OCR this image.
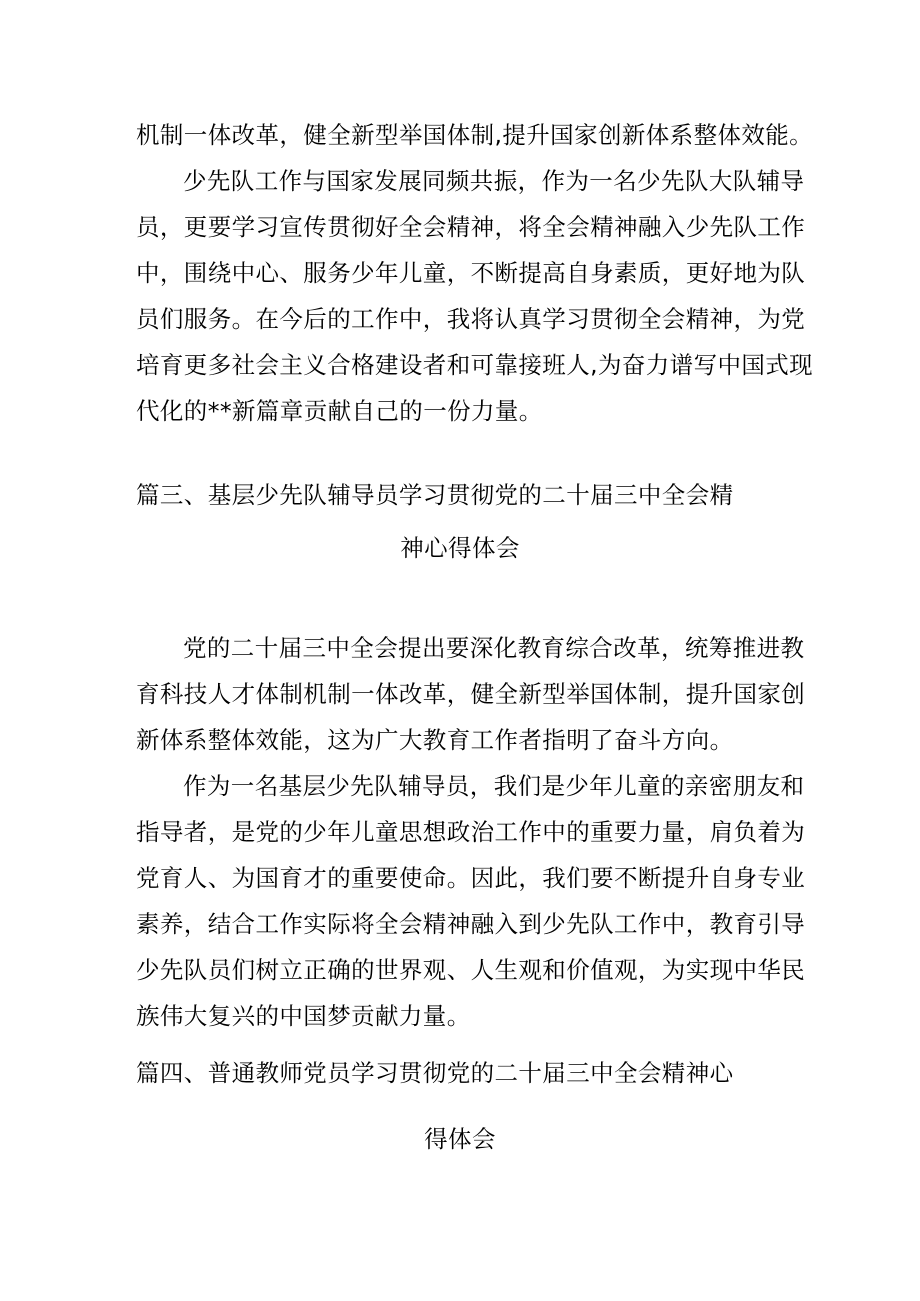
机制一体改革，健全新型举国体制,提升国家创新体系整体效能。
少先队工作与国家发展同频共振，作为一名少先队大队辅导
员，更要学习宣传贯彻好全会精神，将全会精神融入少先队工作
中，围绕中心、服务少年儿童，不断提高自身素质，更好地为队
员们服务。在今后的工作中，我将认真学习贯彻全会精神，为党
培育更多社会主义合格建设者和可靠接班人,为奋力谱写中国式现
代化的**新篇章贡献自己的一份力量。
篇三、基层少先队辅导员学习贯彻党的二十届三中全会精
神心得体会
党的二十届三中全会提出要深化教育综合改革，统筹推进教
育科技人才体制机制一体改革，健全新型举国体制，提升国家创
新体系整体效能，这为广大教育工作者指明了奋斗方向。
作为一名基层少先队辅导员，我们是少年儿童的亲密朋友和
指导者，是党的少年儿童思想政治工作中的重要力量，肩负着为
党育人、为国育才的重要使命。因此，我们要不断提升自身专业
素养，结合工作实际将全会精神融入到少先队工作中，教育引导
少先队员们树立正确的世界观、人生观和价值观，为实现中华民
族伟大复兴的中国梦贡献力量。
篇四、普通教师党员学习贯彻党的二十届三中全会精神心
得体会
